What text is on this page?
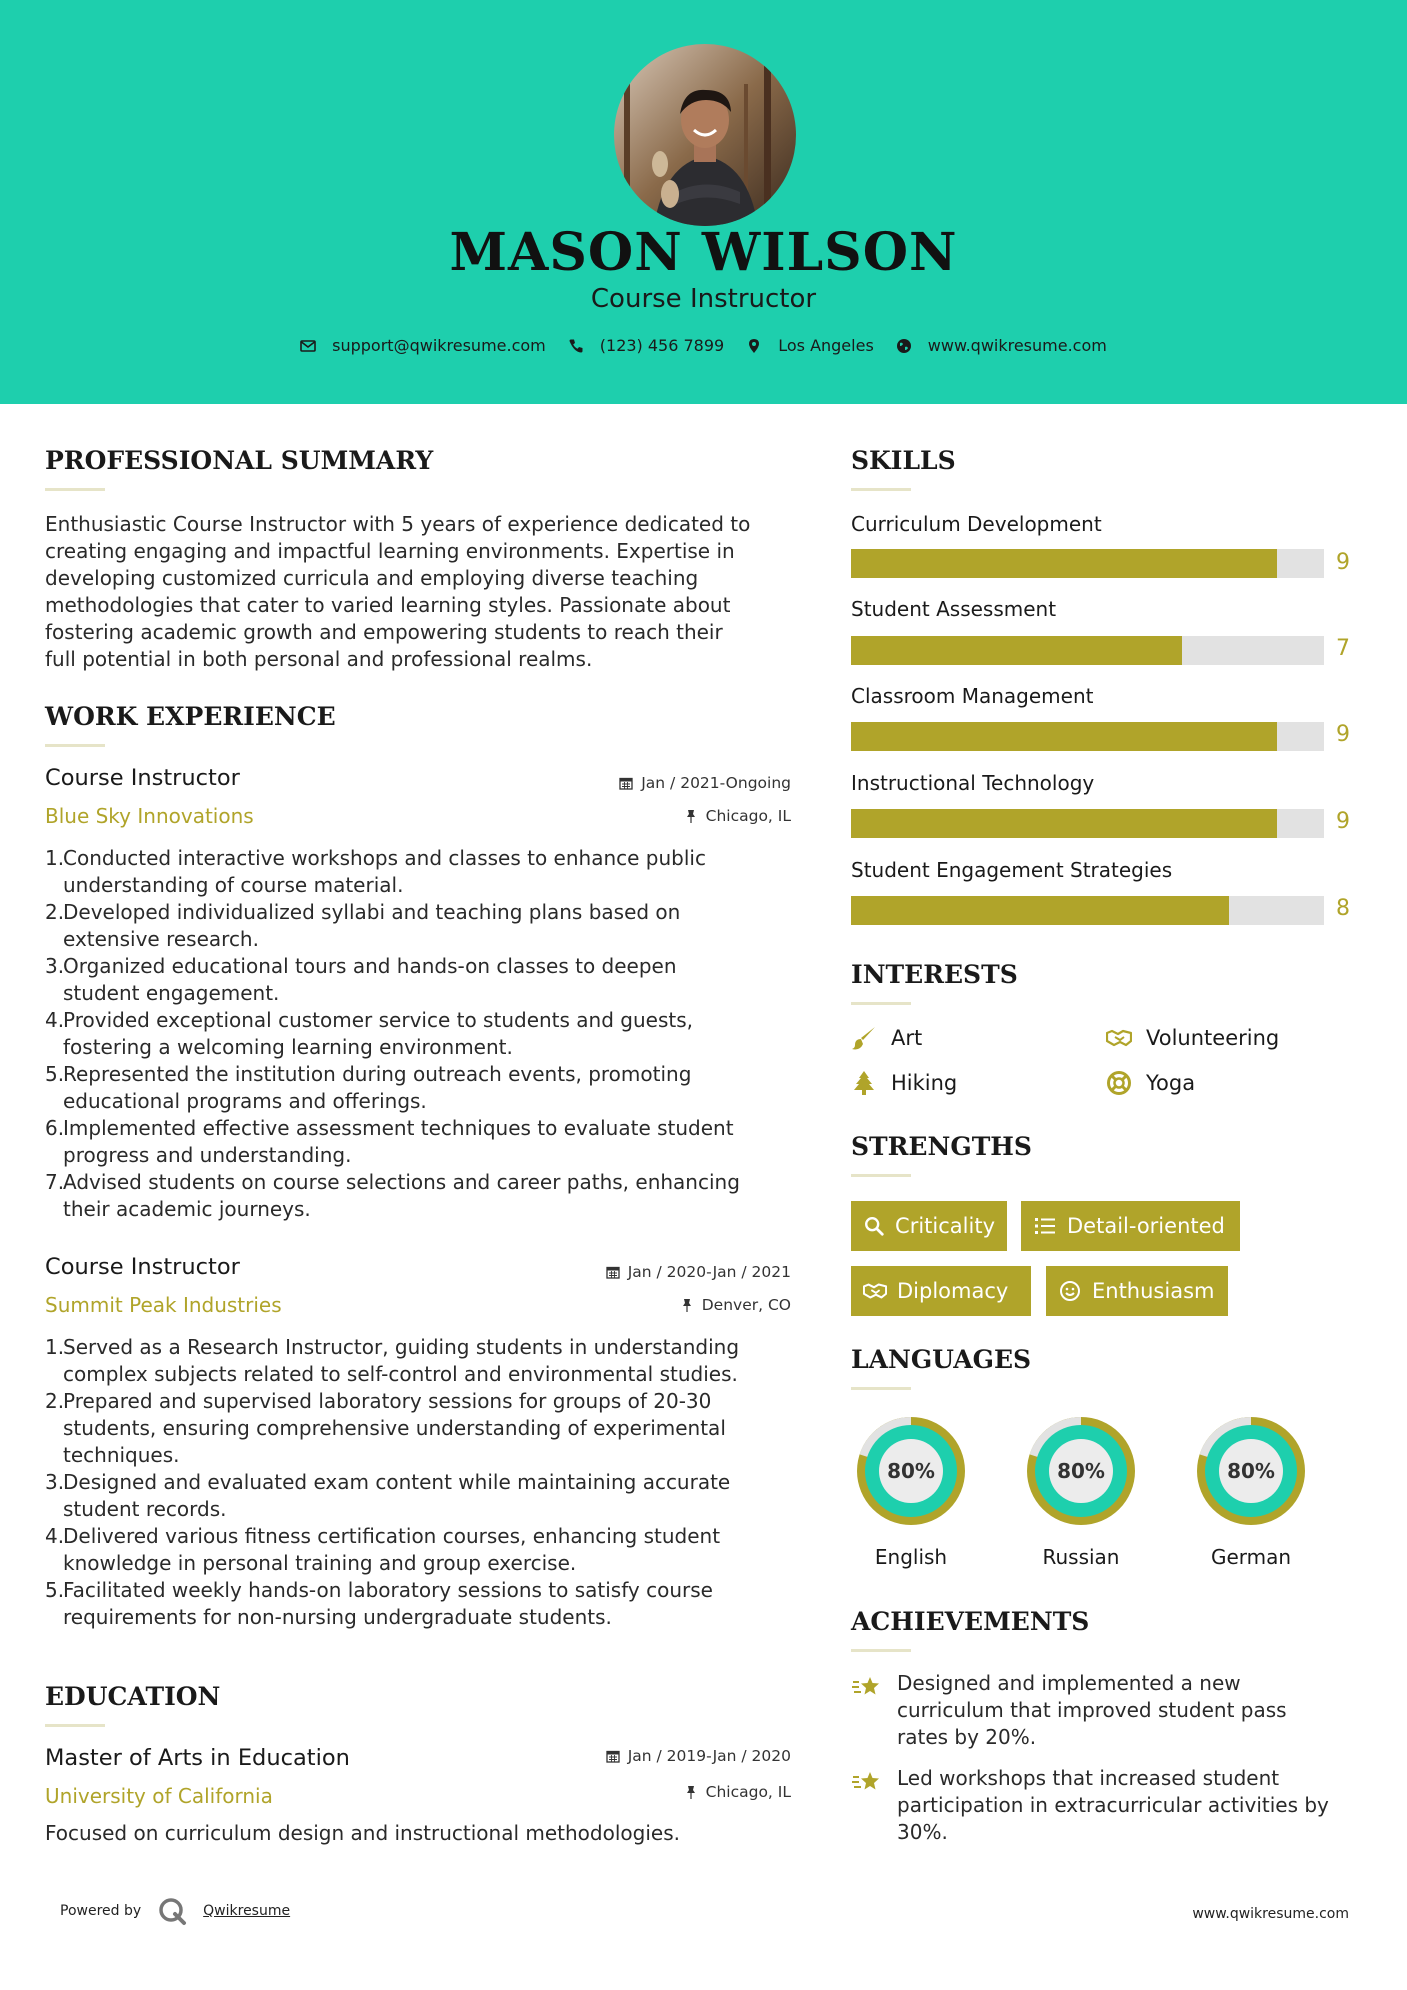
MASON WILSON
Course Instructor
support@qwikresume.com	(123) 456 7899	Los Angeles	www.qwikresume.com
PROFESSIONAL SUMMARY
Enthusiastic Course Instructor with 5 years of experience dedicated to
creating engaging and impactful learning environments. Expertise in
developing customized curricula and employing diverse teaching
methodologies that cater to varied learning styles. Passionate about
fostering academic growth and empowering students to reach their
full potential in both personal and professional realms.
WORK EXPERIENCE
Course Instructor
Blue Sky Innovations
Jan / 2021-Ongoing
Chicago, IL
Conducted interactive workshops and classes to enhance public
understanding of course material.
Developed individualized syllabi and teaching plans based on
extensive research.
Organized educational tours and hands-on classes to deepen
student engagement.
Provided exceptional customer service to students and guests,
fostering a welcoming learning environment.
Represented the institution during outreach events, promoting
educational programs and offerings.
Implemented effective assessment techniques to evaluate student
progress and understanding.
Advised students on course selections and career paths, enhancing
their academic journeys.
Course Instructor
Summit Peak Industries
Jan / 2020-Jan / 2021
Denver, CO
Served as a Research Instructor, guiding students in understanding
complex subjects related to self-control and environmental studies.
Prepared and supervised laboratory sessions for groups of 20-30
students, ensuring comprehensive understanding of experimental
techniques.
Designed and evaluated exam content while maintaining accurate
student records.
Delivered various fitness certification courses, enhancing student
knowledge in personal training and group exercise.
Facilitated weekly hands-on laboratory sessions to satisfy course
requirements for non-nursing undergraduate students.
EDUCATION
Master of Arts in Education
University of California
Jan / 2019-Jan / 2020
Chicago, IL
Focused on curriculum design and instructional methodologies.
SKILLS
Curriculum Development
9
Student Assessment
7
Classroom Management
9
Instructional Technology
9
Student Engagement Strategies
8
INTERESTS
Art	Volunteering
Hiking	Yoga
STRENGTHS
Criticality	Detail-oriented
Diplomacy	Enthusiasm
LANGUAGES
80%
English
80%
Russian
80%
German
ACHIEVEMENTS
Designed and implemented a new
curriculum that improved student pass
rates by 20%.
Led workshops that increased student
participation in extracurricular activities by
30%.
Powered by	Qwikresume	www.qwikresume.com
